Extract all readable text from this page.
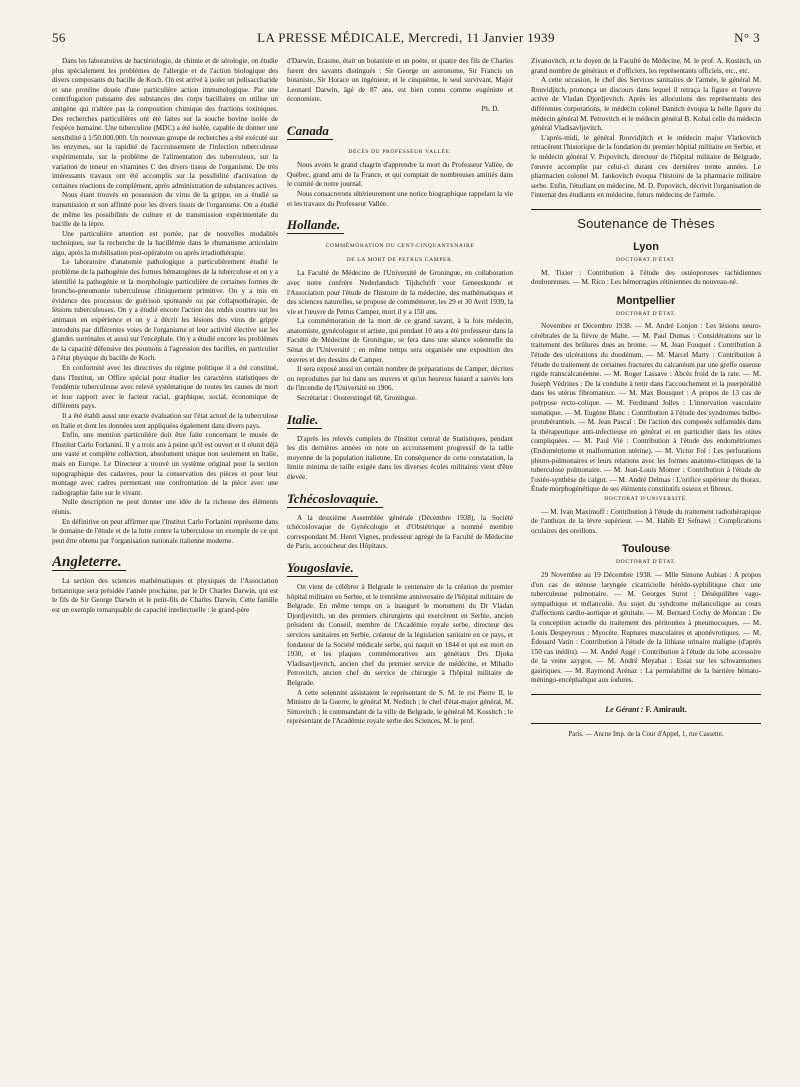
56	LA PRESSE MÉDICALE, Mercredi, 11 Janvier 1939	N° 3

Dans les laboratoires de bactériologie, de chimie et de sérologie, on étudie plus spécialement les problèmes de l'allergie et de l'action biologique des divers composants du bacille de Koch. On est arrivé à isoler un polisaccharide et une protéine douée d'une particulière action immunologique. Par une centrifugation puissante des substances des corps bacillaires on utilise un antigène qui n'altère pas la composition chimique des fractions toxiniques. Des recherches particulières ont été faites sur la souche bovine isolée de l'espèce humaine. Une tuberculine (MDC) a été isolée, capable de donner une sensibilité à 1/50.000.000. Un nouveau groupe de recherches a été exécuté sur les enzymes, sur la rapidité de l'accroissement de l'infection tuberculeuse expérimentale, sur le problème de l'alimentation des tuberculeux, sur la variation de teneur en vitamines C des divers tissus de l'organisme. De très intéressants travaux ont été accomplis sur la possibilité d'activation de certaines réactions de complément, après administration de substances actives.

Nous étant trouvés en possession du virus de la grippe, on a étudié sa transmission et son affinité pour les divers tissus de l'organisme. On a étudié de même les possibilités de culture et de transmission expérimentale du bacille de la lèpre.

Une particulière attention est portée, par de nouvelles modalités techniques, sur la recherche de la bacillémie dans le rhumatisme articulaire aigu, après la mobilisation post-opératoire ou après irradiothérapie.

Le laboratoire d'anatomie pathologique a particulièrement étudié le problème de la pathogénie des formes hématogènes de la tuberculose et on y a identifié la pathogénie et la morphologie particulière de certaines formes de broncho-pneumonie tuberculeuse cliniquement primitive. On y a mis en évidence des processus de guérison spontanée ou par collapsothérapie, de lésions tuberculeuses. On y a étudié encore l'action des ondes courtes sur les animaux en expérience et on y a décrit les lésions des virus de grippe introduits par différentes voies de l'organisme et leur activité élective sur les glandes surrénales et aussi sur l'encéphale. On y a étudié encore les problèmes de la capacité défensive des poumons à l'agression des bacilles, en particulier à l'état physique du bacille de Koch.

En conformité avec les directives du régime politique il a été constitué, dans l'Institut, un Office spécial pour étudier les caractères statistiques de l'endémie tuberculeuse avec relevé systématique de toutes les causes de mort et leur rapport avec le facteur racial, graphique, social, économique de différents pays.

Il a été établi aussi une exacte évaluation sur l'état actuel de la tuberculose en Italie et dont les données sont appliquées également dans divers pays.

Enfin, une mention particulière doit être faite concernant le musée de l'Institut Carlo Forlanini. Il y a trois ans à peine qu'il est ouvert et il réunit déjà une vaste et complète collection, absolument unique non seulement en Italie, mais en Europe. Le Directeur a trouvé un système original pour la section topographique des cadavres, pour la conservation des pièces et pour leur montage avec cadres permettant une confrontation de la pièce avec une radiographie faite sur le vivant.

Nulle description ne peut donner une idée de la richesse des éléments réunis.

En définitive on peut affirmer que l'Institut Carlo Forlanini représente dans le domaine de l'étude et de la lutte contre la tuberculose un exemple de ce qui peut être obtenu par l'organisation nationale italienne moderne.

Angleterre.

La section des sciences mathématiques et physiques de l'Association britannique sera présidée l'année prochaine, par le Dr Charles Darwin, qui est le fils de Sir George Darwin et le petit-fils de Charles Darwin. Cette famille est un exemple remarquable de capacité intellectuelle : le grand-père

d'Darwin, Erasme, était un botaniste et un poète, et quatre des fils de Charles furent des savants distingués : Sir George un astronome, Sir Francis un botaniste, Sir Horace un ingénieur, et le cinquième, le seul survivant, Major Leonard Darwin, âgé de 87 ans, est bien connu comme eugéniste et économiste.

Ph. D.
Canada
DÉCÈS DU PROFESSEUR VALLÉE.

Nous avons le grand chagrin d'apprendre la mort du Professeur Vallée, de Québec, grand ami de la France, et qui comptait de nombreuses amitiés dans le comité de notre journal.

Nous consacrerons ultérieurement une notice biographique rappelant la vie et les travaux du Professeur Vallée.

Hollande.
COMMÉMORATION DU CENT-CINQUANTENAIRE
DE LA MORT DE PETRUS CAMPER.

La Faculté de Médecine de l'Université de Groningue, en collaboration avec notre confrère Nederlandsch Tijdschrift voor Geneeskunde et l'Association pour l'étude de l'histoire de la médecine, des mathématiques et des sciences naturelles, se propose de commémorer, les 29 et 30 Avril 1939, la vie et l'œuvre de Petrus Camper, mort il y a 150 ans.

La commémoration de la mort de ce grand savant, à la fois médecin, anatomiste, gynécologue et artiste, qui pendant 10 ans a été professeur dans la Faculté de Médecine de Groningue, se fera dans une séance solennelle du Sénat de l'Université ; en même temps sera organisée une exposition des œuvres et des dessins de Camper.

Il sera exposé aussi un certain nombre de préparations de Camper, décrites ou reproduites par lui dans ses œuvres et qu'un heureux hasard a sauvés lors de l'incendie de l'Université en 1906.

Secrétariat : Oosterstingel 68, Groningue.

Italie.

D'après les relevés complets de l'Institut central de Statistiques, pendant les dix dernières années on note un accroissement progressif de la taille moyenne de la population italienne. En conséquence de cette constatation, la limite minima de taille exigée dans les diverses écoles militaires vient d'être élevée.

Tchécoslovaquie.

A la deuxième Assemblée générale (Décembre 1938), la Société tchécoslovaque de Gynécologie et d'Obstétrique a nommé membre correspondant M. Henri Vignes, professeur agrégé de la Faculté de Médecine de Paris, accoucheur des Hôpitaux.

Yougoslavie.

On vient de célébrer à Belgrade le centenaire de la création du premier hôpital militaire en Serbie, et le trentième anniversaire de l'hôpital militaire de Belgrade. En même temps on a inauguré le monument du Dr Vladan Djordjevitch, un des premiers chirurgiens qui exercèrent en Serbie, ancien président du Conseil, membre de l'Académie royale serbe, directeur des services sanitaires en Serbie, créateur de la législation sanitaire en ce pays, et fondateur de la Société médicale serbe, qui naquit en 1844 et qui est mort en 1930, et les plaques commémoratives aux généraux Drs Djoka Vladisavljevitch, ancien chef du premier service de médecine, et Mihailo Petrovitch, ancien chef du service de chirurgie à l'hôpital militaire de Belgrade.

A cette solennité assistaient le représentant de S. M. le roi Pierre II, le Ministre de la Guerre, le général M. Neditch ; le chef d'état-major général, M. Simovitch ; le commandant de la ville de Belgrade, le général M. Kossitch ; le représentant de l'Académie royale serbe des Sciences, M. le prof.

Zivanovitch, et le doyen de la Faculté de Médecine, M. le prof. A. Kostitch, un grand nombre de généraux et d'officiers, les représentants officiels, etc., etc.

A cette occasion, le chef des Services sanitaires de l'armée, le général M. Rouvidjitch, prononça un discours dans lequel il retraça la figure et l'œuvre active de Vladan Djordjevitch. Après les allocutions des représentants des différentes corporations, le médecin colonel Danitch évoqua la belle figure du médecin général M. Petrovitch et le médecin général B. Kobal celle du médecin général Vladisavljevitch.

L'après-midi, le général Rouvidjitch et le médecin major Vlatkovitch retracèrent l'historique de la fondation du premier hôpital militaire en Serbie, et le médecin général V. Popovitch, directeur de l'hôpital militaire de Belgrade, l'œuvre accomplie par celui-ci durant ces dernières trente années. Le pharmacien colonel M. Jankovitch évoqua l'histoire de la pharmacie militaire serbe. Enfin, l'étudiant en médecine, M. D. Popovitch, décrivit l'organisation de l'internat des étudiants en médecine, futurs médecins de l'armée.

Soutenance de Thèses
Lyon
DOCTORAT D'ÉTAT.

M. Tixier : Contribution à l'étude des ostéoporoses rachidiennes douloureuses. — M. Rico : Les hémorragies rétiniennes du nouveau-né.

Montpellier
DOCTORAT D'ÉTAT.

Novembre et Décembre 1938. — M. André Lonjon : Les lésions neuro-cérébrales de la fièvre de Malte. — M. Paul Dumas : Considérations sur le traitement des brûlures dues au brome. — M. Jean Fouquet : Contribution à l'étude des ulcérations du duodénum. — M. Marcel Marty : Contribution à l'étude du traitement de certaines fractures du calcanéum par une greffe osseuse rigide transcalcanéenne. — M. Roger Lassave : Abcès froid de la rate. — M. Joseph Védrines : De la conduite à tenir dans l'accouchement et la puerpéralité dans les utérus fibromateux. — M. Max Bousquet : A propos de 13 cas de polypose recto-colique. — M. Ferdinand Jolles : L'innervation vasculaire somatique. — M. Eugène Blanc : Contribution à l'étude des syndromes bulbo-protubérantiels. — M. Jean Pascal : De l'action des composés sulfamidés dans la thérapeutique anti-infectieuse en général et en particulier dans les otites compliquées. — M. Paul Vié : Contribution à l'étude des endométriomes (Endométriome et malformation utérine). — M. Victor Fol : Les perforations pleuro-pulmonaires et leurs relations avec les formes anatomo-cliniques de la tuberculose pulmonaire. — M. Jean-Louis Momer : Contribution à l'étude de l'ostéo-synthèse du calgut. — M. André Delmas : L'orifice supérieur du thorax. Étude morphogénétique de ses éléments constitutifs osseux et fibreux.

DOCTORAT D'UNIVERSITÉ.

— M. Ivan Maximoff : Contribution à l'étude du traitement radiothérapique de l'anthrax de la lèvre supérieur. — M. Habib El Sefnawi : Complications oculaires des oreillons.

Toulouse
DOCTORAT D'ÉTAT.

29 Novembre au 19 Décembre 1938. — Mlle Simone Aubian : A propos d'un cas de sténose laryngée cicatricielle hérédo-syphilitique chez une tuberculeuse pulmonaire. — M. Georges Surot : Déséquilibre vago-sympathique et mélancolie. Au sujet du syndrome mélancolique au cours d'affections cardio-aortique et génitale. — M. Bernard Cochy de Moncan : De la conception actuelle du traitement des péritonites à pneumocoques. — M. Louis Despeyroux : Myocète. Ruptures musculaires et aponévrotiques. — M. Édouard Varin : Contribution à l'étude de la lithiase urinaire maligne (d'après 150 cas inédits). — M. André Augé : Contribution à l'étude du lobe accessoire de la veine azygos. — M. André Meyabat : Essai sur les schwannomes gastriques. — M. Raymond Arénaz : La perméabilité de la barrière hémato-méningo-encéphalique aux iodures.

Le Gérant : F. Amirault.
Paris. — Ancne Imp. de la Cour d'Appel, 1, rue Cassette.
